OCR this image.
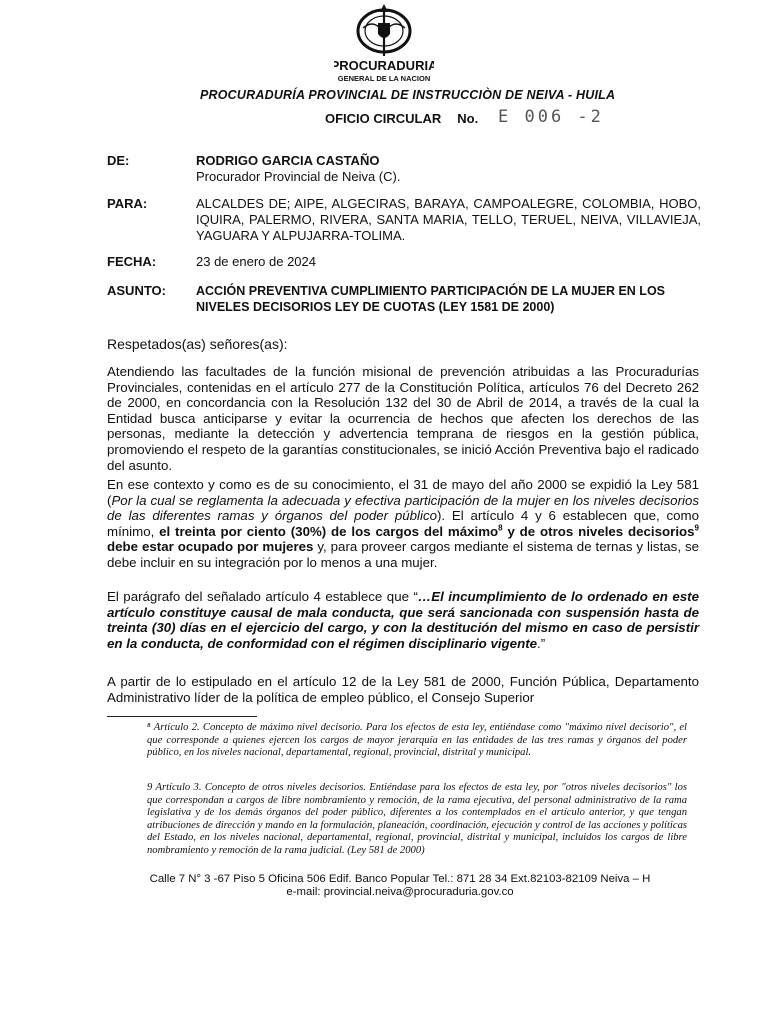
PROCURADURIA
GENERAL DE LA NACION
PROCURADURÍA PROVINCIAL DE INSTRUCCIÒN DE NEIVA - HUILA
OFICIO CIRCULAR No. E 006 -2
DE:	RODRIGO GARCIA CASTAÑO
Procurador Provincial de Neiva (C).
PARA:	ALCALDES DE; AIPE, ALGECIRAS, BARAYA, CAMPOALEGRE, COLOMBIA, HOBO, IQUIRA, PALERMO, RIVERA, SANTA MARIA, TELLO, TERUEL, NEIVA, VILLAVIEJA, YAGUARA Y ALPUJARRA-TOLIMA.
FECHA:	23 de enero de 2024
ASUNTO: ACCIÓN PREVENTIVA CUMPLIMIENTO PARTICIPACIÓN DE LA MUJER EN LOS NIVELES DECISORIOS LEY DE CUOTAS (LEY 1581 DE 2000)
Respetados(as) señores(as):
Atendiendo las facultades de la función misional de prevención atribuidas a las Procuradurías Provinciales, contenidas en el artículo 277 de la Constitución Política, artículos 76 del Decreto 262 de 2000, en concordancia con la Resolución 132 del 30 de Abril de 2014, a través de la cual la Entidad busca anticiparse y evitar la ocurrencia de hechos que afecten los derechos de las personas, mediante la detección y advertencia temprana de riesgos en la gestión pública, promoviendo el respeto de la garantías constitucionales, se inició Acción Preventiva bajo el radicado del asunto.
En ese contexto y como es de su conocimiento, el 31 de mayo del año 2000 se expidió la Ley 581 (Por la cual se reglamenta la adecuada y efectiva participación de la mujer en los niveles decisorios de las diferentes ramas y órganos del poder público). El artículo 4 y 6 establecen que, como mínimo, el treinta por ciento (30%) de los cargos del máximo$^8$ y de otros niveles decisorios$^9$ debe estar ocupado por mujeres y, para proveer cargos mediante el sistema de ternas y listas, se debe incluir en su integración por lo menos a una mujer.
El parágrafo del señalado artículo 4 establece que “…El incumplimiento de lo ordenado en este artículo constituye causal de mala conducta, que será sancionada con suspensión hasta de treinta (30) días en el ejercicio del cargo, y con la destitución del mismo en caso de persistir en la conducta, de conformidad con el régimen disciplinario vigente.”
A partir de lo estipulado en el artículo 12 de la Ley 581 de 2000, Función Pública, Departamento Administrativo líder de la política de empleo público, el Consejo Superior
⁸ Artículo 2. Concepto de máximo nivel decisorio. Para los efectos de esta ley, entiéndase como "máximo nivel decisorio", el que corresponde a quienes ejercen los cargos de mayor jerarquía en las entidades de las tres ramas y órganos del poder público, en los niveles nacional, departamental, regional, provincial, distrital y municipal.
9 Artículo 3. Concepto de otros niveles decisorios. Entiéndase para los efectos de esta ley, por "otros niveles decisorios" los que correspondan a cargos de libre nombramiento y remoción, de la rama ejecutiva, del personal administrativo de la rama legislativa y de los demás órganos del poder público, diferentes a los contemplados en el artículo anterior, y que tengan atribuciones de dirección y mando en la formulación, planeación, coordinación, ejecución y control de las acciones y políticas del Estado, en los niveles nacional, departamental, regional, provincial, distrital y municipal, incluidos los cargos de libre nombramiento y remoción de la rama judicial. (Ley 581 de 2000)
Calle 7 N° 3 -67 Piso 5 Oficina 506 Edif. Banco Popular Tel.: 871 28 34 Ext.82103-82109 Neiva – H
e-mail: provincial.neiva@procuraduria.gov.co
